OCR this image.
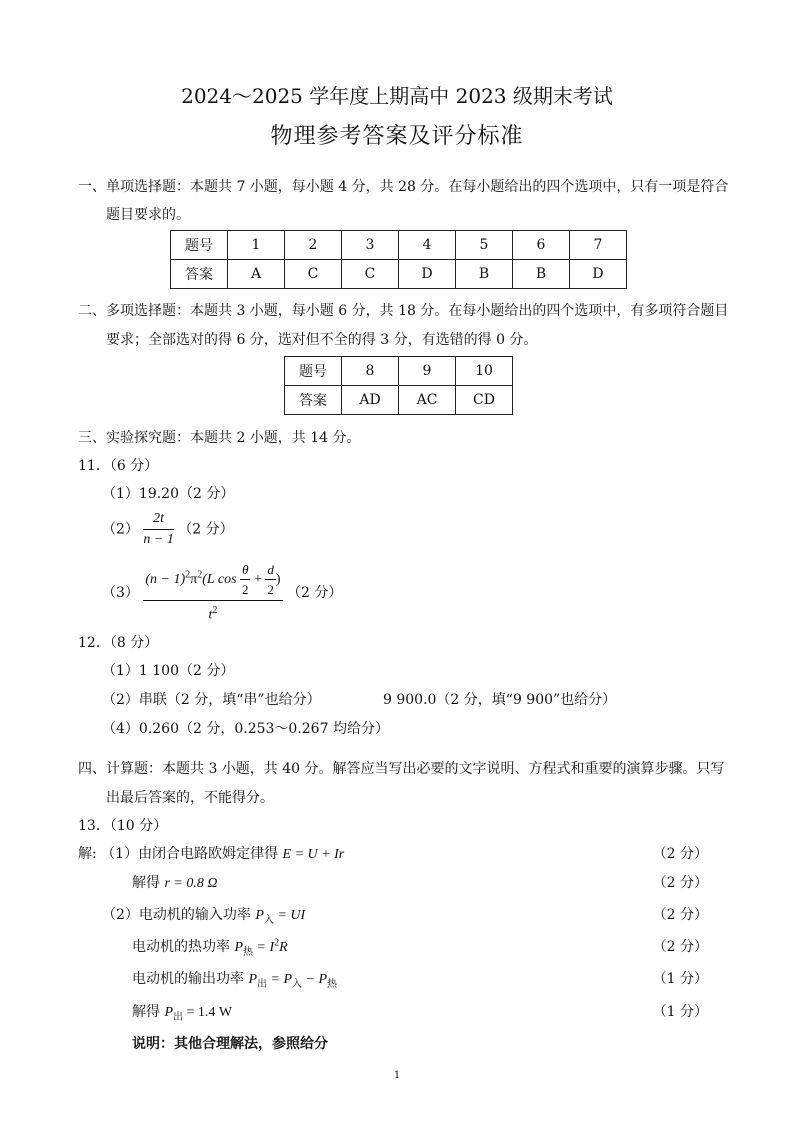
2024～2025 学年度上期高中 2023 级期末考试
物理参考答案及评分标准
一、单项选择题：本题共 7 小题，每小题 4 分，共 28 分。在每小题给出的四个选项中，只有一项是符合
题目要求的。
题号	1	2	3	4	5	6	7
答案	A	C	C	D	B	B	D
二、多项选择题：本题共 3 小题，每小题 6 分，共 18 分。在每小题给出的四个选项中，有多项符合题目
要求；全部选对的得 6 分，选对但不全的得 3 分，有选错的得 0 分。
题号	8	9	10
答案	AD	AC	CD
三、实验探究题：本题共 2 小题，共 14 分。
11．（6 分）
（1）19.20（2 分）
$(2) \frac{2t}{n - 1} (2$ 分）
$(3) \frac{(n - 1)^2\pi^2(L \cos \frac{\theta}{2} + \frac{d}{2} )}{t^2} (2$ 分）
12．（8 分）
（1）1 100（2 分）
（2）串联（2 分，填“串”也给分）	9 900.0（2 分，填“9 900”也给分）
（4）0.260（2 分，0.253～0.267 均给分）
四、计算题：本题共 3 小题，共 40 分。解答应当写出必要的文字说明、方程式和重要的演算步骤。只写
出最后答案的，不能得分。
13．（10 分）
解: （1）由闭合电路欧姆定律得 E = U + Ir	（2 分）
解得 r = 0.8 Ω	（2 分）
（2）电动机的输入功率 $P_入$ = UI	（2 分）
电动机的热功率 $P_热 = I^2R$	（2 分）
电动机的输出功率 $P_出 = P_入 - P_热$	（1 分）
解得 $P_出 = 1.4$ W	（1 分）
说明：其他合理解法，参照给分
1
